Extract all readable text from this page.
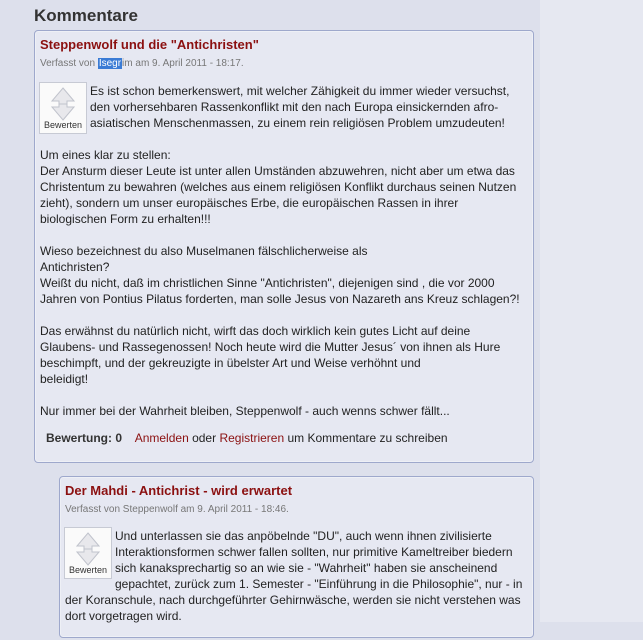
Kommentare
Steppenwolf und die "Antichristen"
Verfasst von Isegrim am 9. April 2011 - 18:17.
Bewerten

Es ist schon bemerkenswert, mit welcher Zähigkeit du immer wieder versuchst, den vorhersehbaren Rassenkonflikt mit den nach Europa einsickernden afro-asiatischen Menschenmassen, zu einem rein religiösen Problem umzudeuten!

Um eines klar zu stellen:
Der Ansturm dieser Leute ist unter allen Umständen abzuwehren, nicht aber um etwa das Christentum zu bewahren (welches aus einem religiösen Konflikt durchaus seinen Nutzen zieht), sondern um unser europäisches Erbe, die europäischen Rassen in ihrer biologischen Form zu erhalten!!!

Wieso bezeichnest du also Muselmanen fälschlicherweise als
Antichristen?
Weißt du nicht, daß im christlichen Sinne "Antichristen", diejenigen sind , die vor 2000 Jahren von Pontius Pilatus forderten, man solle Jesus von Nazareth ans Kreuz schlagen?!

Das erwähnst du natürlich nicht, wirft das doch wirklich kein gutes Licht auf deine Glaubens- und Rassegenossen! Noch heute wird die Mutter Jesus´ von ihnen als Hure beschimpft, und der gekreuzigte in übelster Art und Weise verhöhnt und
beleidigt!

Nur immer bei der Wahrheit bleiben, Steppenwolf - auch wenns schwer fällt...

Bewertung: 0 Anmelden oder Registrieren um Kommentare zu schreiben
Der Mahdi - Antichrist - wird erwartet
Verfasst von Steppenwolf am 9. April 2011 - 18:46.
Bewerten

Und unterlassen sie das anpöbelnde "DU", auch wenn ihnen zivilisierte Interaktionsformen schwer fallen sollten, nur primitive Kameltreiber biedern sich kanaksprechartig so an wie sie - "Wahrheit" haben sie anscheinend gepachtet, zurück zum 1. Semester - "Einführung in die Philosophie", nur - in der Koranschule, nach durchgeführter Gehirnwäsche, werden sie nicht verstehen was dort vorgetragen wird.
